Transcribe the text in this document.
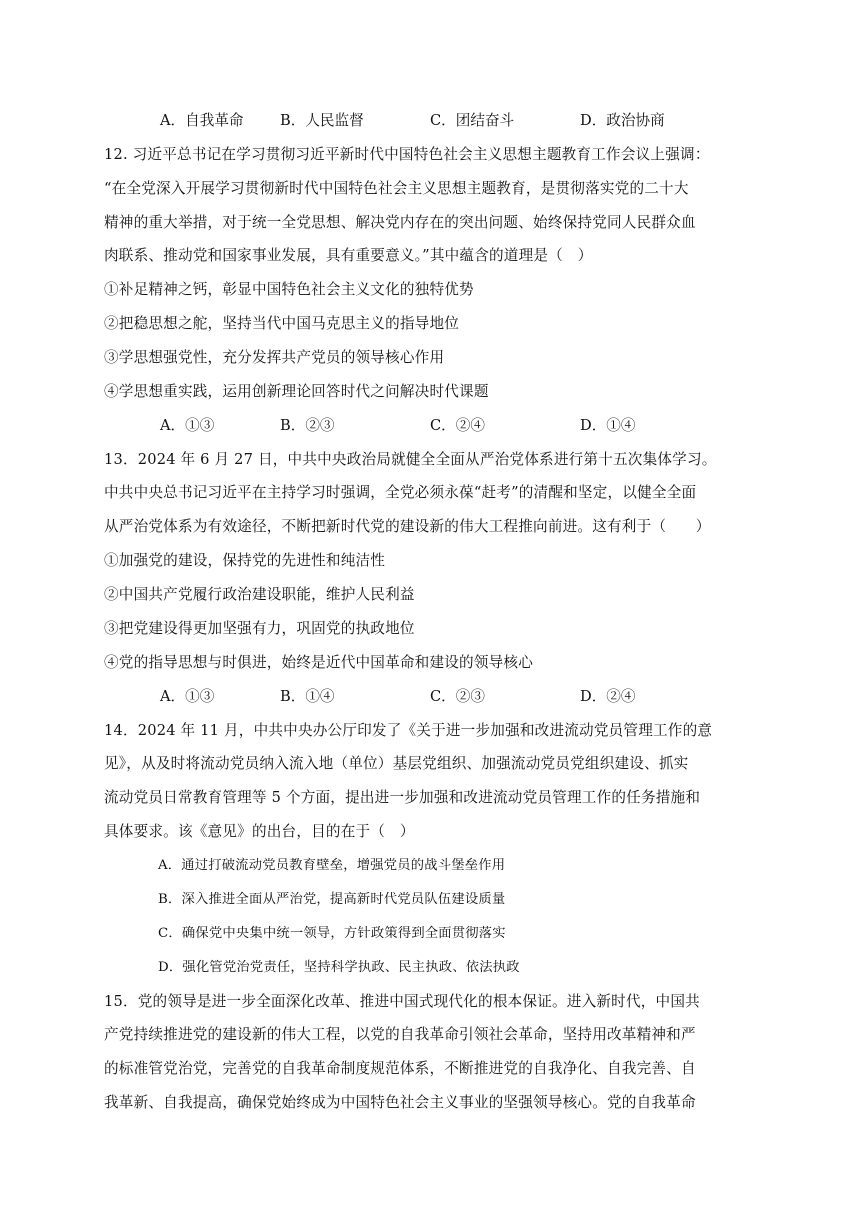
A．自我革命 B．人民监督	C．团结奋斗	D．政治协商
12. 习近平总书记在学习贯彻习近平新时代中国特色社会主义思想主题教育工作会议上强调：
“在全党深入开展学习贯彻新时代中国特色社会主义思想主题教育，是贯彻落实党的二十大
精神的重大举措，对于统一全党思想、解决党内存在的突出问题、始终保持党同人民群众血
肉联系、推动党和国家事业发展，具有重要意义。”其中蕴含的道理是（　）
①补足精神之钙，彰显中国特色社会主义文化的独特优势
②把稳思想之舵，坚持当代中国马克思主义的指导地位
③学思想强党性，充分发挥共产党员的领导核心作用
④学思想重实践，运用创新理论回答时代之问解决时代课题
A．①③	B．②③	C．②④	D．①④
13．2024 年 6 月 27 日，中共中央政治局就健全全面从严治党体系进行第十五次集体学习。
中共中央总书记习近平在主持学习时强调，全党必须永葆“赶考”的清醒和坚定，以健全全面
从严治党体系为有效途径，不断把新时代党的建设新的伟大工程推向前进。这有利于（　　）
①加强党的建设，保持党的先进性和纯洁性
②中国共产党履行政治建设职能，维护人民利益
③把党建设得更加坚强有力，巩固党的执政地位
④党的指导思想与时俱进，始终是近代中国革命和建设的领导核心
A．①③	B．①④	C．②③	D．②④
14．2024 年 11 月，中共中央办公厅印发了《关于进一步加强和改进流动党员管理工作的意
见》，从及时将流动党员纳入流入地（单位）基层党组织、加强流动党员党组织建设、抓实
流动党员日常教育管理等 5 个方面，提出进一步加强和改进流动党员管理工作的任务措施和
具体要求。该《意见》的出台，目的在于（　）
A．通过打破流动党员教育壁垒，增强党员的战斗堡垒作用
B．深入推进全面从严治党，提高新时代党员队伍建设质量
C．确保党中央集中统一领导，方针政策得到全面贯彻落实
D．强化管党治党责任，坚持科学执政、民主执政、依法执政
15．党的领导是进一步全面深化改革、推进中国式现代化的根本保证。进入新时代，中国共
产党持续推进党的建设新的伟大工程，以党的自我革命引领社会革命，坚持用改革精神和严
的标准管党治党，完善党的自我革命制度规范体系，不断推进党的自我净化、自我完善、自
我革新、自我提高，确保党始终成为中国特色社会主义事业的坚强领导核心。党的自我革命
